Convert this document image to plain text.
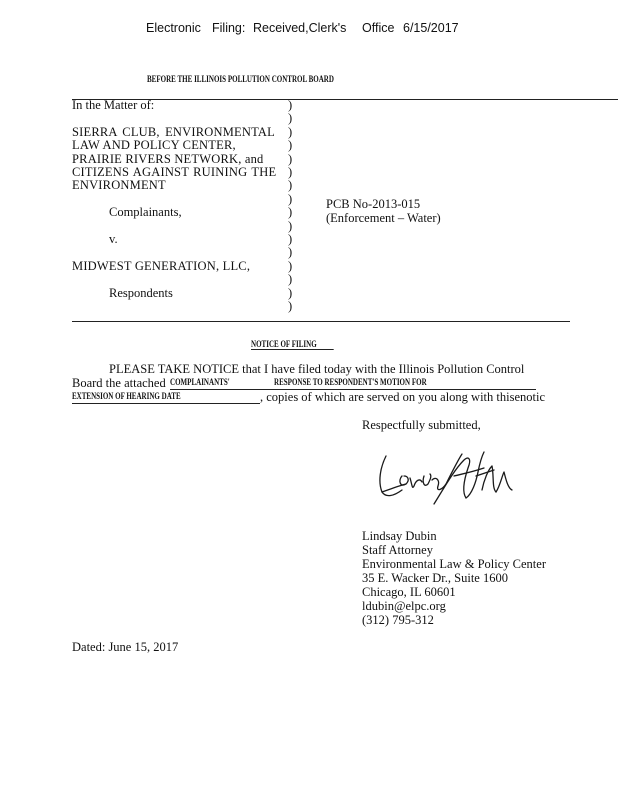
Electronic Filing: Received,Clerk's Office 6/15/2017
BEFORE THE ILLINOIS POLLUTION CONTROL BOARD
In the Matter of:

SIERRA CLUB, ENVIRONMENTAL
LAW AND POLICY CENTER,
PRAIRIE RIVERS NETWORK, and
CITIZENS AGAINST RUINING THE
ENVIRONMENT

Complainants,

v.

MIDWEST GENERATION, LLC,

Respondents
)
)
)
)
)
)
)
)
)
)
)
)
)
)
)
)
PCB No-2013-015
(Enforcement – Water)
NOTICE OF FILING
PLEASE TAKE NOTICE that I have filed today with the Illinois Pollution Control
Board the attached COMPLAINANTS'	RESPONSE TO RESPONDENT'S MOTION FOR
EXTENSION OF HEARING DATE	, copies of which are served on you along with thisenotic
Respectfully submitted,
Lindsay Dubin
Staff Attorney
Environmental Law & Policy Center
35 E. Wacker Dr., Suite 1600
Chicago, IL 60601
ldubin@elpc.org
(312) 795-312
Dated: June 15, 2017
